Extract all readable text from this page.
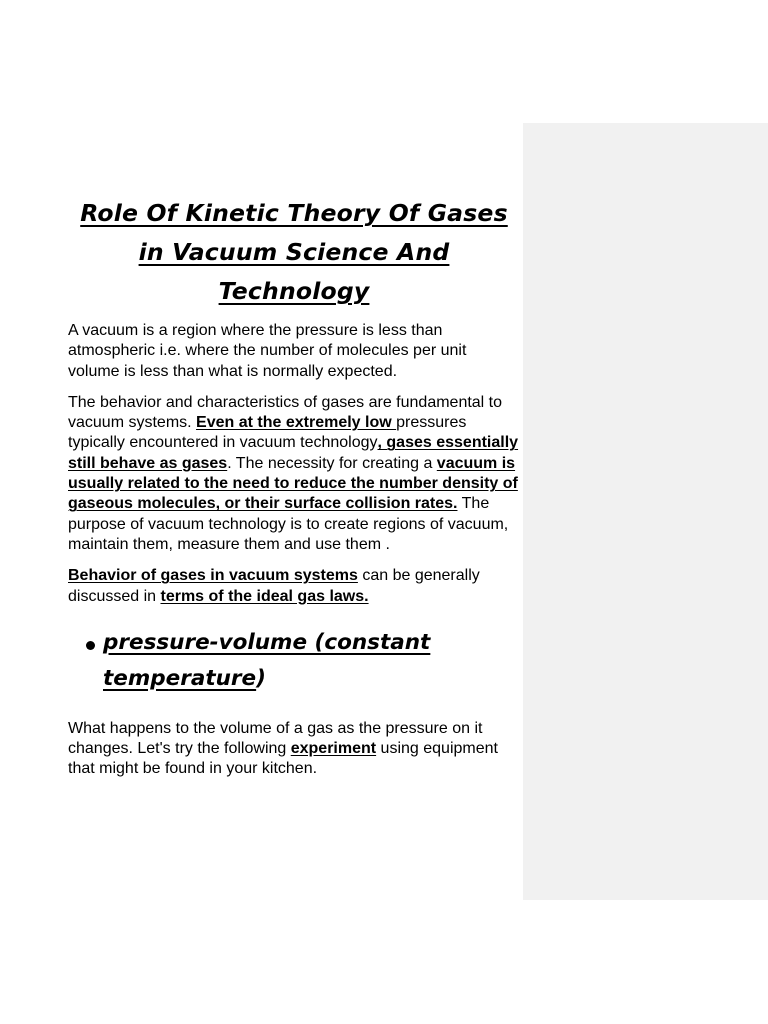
Role Of Kinetic Theory Of Gases
in Vacuum Science And
Technology

A vacuum is a region where the pressure is less than atmospheric i.e. where the number of molecules per unit volume is less than what is normally expected.

The behavior and characteristics of gases are fundamental to vacuum systems. Even at the extremely low pressures typically encountered in vacuum technology, gases essentially still behave as gases. The necessity for creating a vacuum is usually related to the need to reduce the number density of gaseous molecules, or their surface collision rates. The purpose of vacuum technology is to create regions of vacuum, maintain them, measure them and use them .

Behavior of gases in vacuum systems can be generally discussed in terms of the ideal gas laws.

pressure-volume (constant temperature)

What happens to the volume of a gas as the pressure on it changes. Let's try the following experiment using equipment that might be found in your kitchen.
